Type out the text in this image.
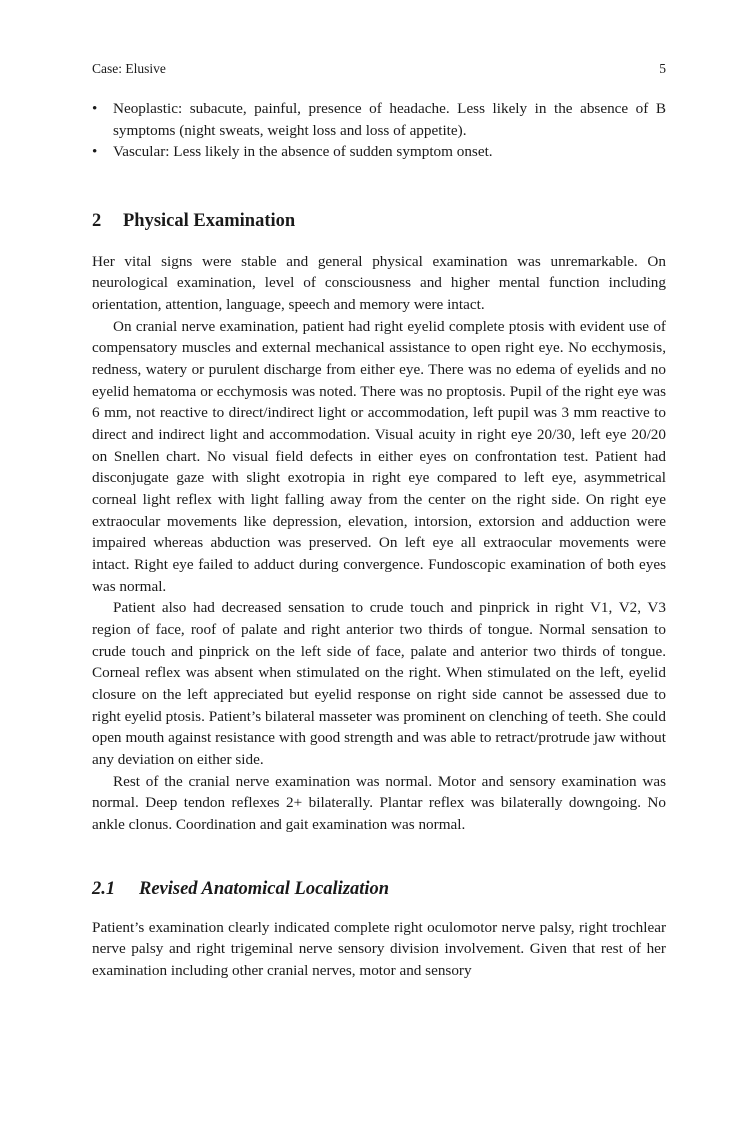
Case: Elusive	5
• Neoplastic: subacute, painful, presence of headache. Less likely in the absence of B symptoms (night sweats, weight loss and loss of appetite).
• Vascular: Less likely in the absence of sudden symptom onset.
2 Physical Examination

Her vital signs were stable and general physical examination was unremarkable. On neurological examination, level of consciousness and higher mental function including orientation, attention, language, speech and memory were intact.

On cranial nerve examination, patient had right eyelid complete ptosis with evident use of compensatory muscles and external mechanical assistance to open right eye. No ecchymosis, redness, watery or purulent discharge from either eye. There was no edema of eyelids and no eyelid hematoma or ecchymosis was noted. There was no proptosis. Pupil of the right eye was 6 mm, not reactive to direct/indirect light or accommodation, left pupil was 3 mm reactive to direct and indirect light and accommodation. Visual acuity in right eye 20/30, left eye 20/20 on Snellen chart. No visual field defects in either eyes on confrontation test. Patient had disconjugate gaze with slight exotropia in right eye compared to left eye, asymmetrical corneal light reflex with light falling away from the center on the right side. On right eye extraocular movements like depression, elevation, intorsion, extorsion and adduction were impaired whereas abduction was preserved. On left eye all extraocular movements were intact. Right eye failed to adduct during convergence. Fundoscopic examination of both eyes was normal.

Patient also had decreased sensation to crude touch and pinprick in right V1, V2, V3 region of face, roof of palate and right anterior two thirds of tongue. Normal sensation to crude touch and pinprick on the left side of face, palate and anterior two thirds of tongue. Corneal reflex was absent when stimulated on the right. When stimulated on the left, eyelid closure on the left appreciated but eyelid response on right side cannot be assessed due to right eyelid ptosis. Patient’s bilateral masseter was prominent on clenching of teeth. She could open mouth against resistance with good strength and was able to retract/protrude jaw without any deviation on either side.

Rest of the cranial nerve examination was normal. Motor and sensory examination was normal. Deep tendon reflexes 2+ bilaterally. Plantar reflex was bilaterally downgoing. No ankle clonus. Coordination and gait examination was normal.

2.1 Revised Anatomical Localization

Patient’s examination clearly indicated complete right oculomotor nerve palsy, right trochlear nerve palsy and right trigeminal nerve sensory division involvement. Given that rest of her examination including other cranial nerves, motor and sensory
